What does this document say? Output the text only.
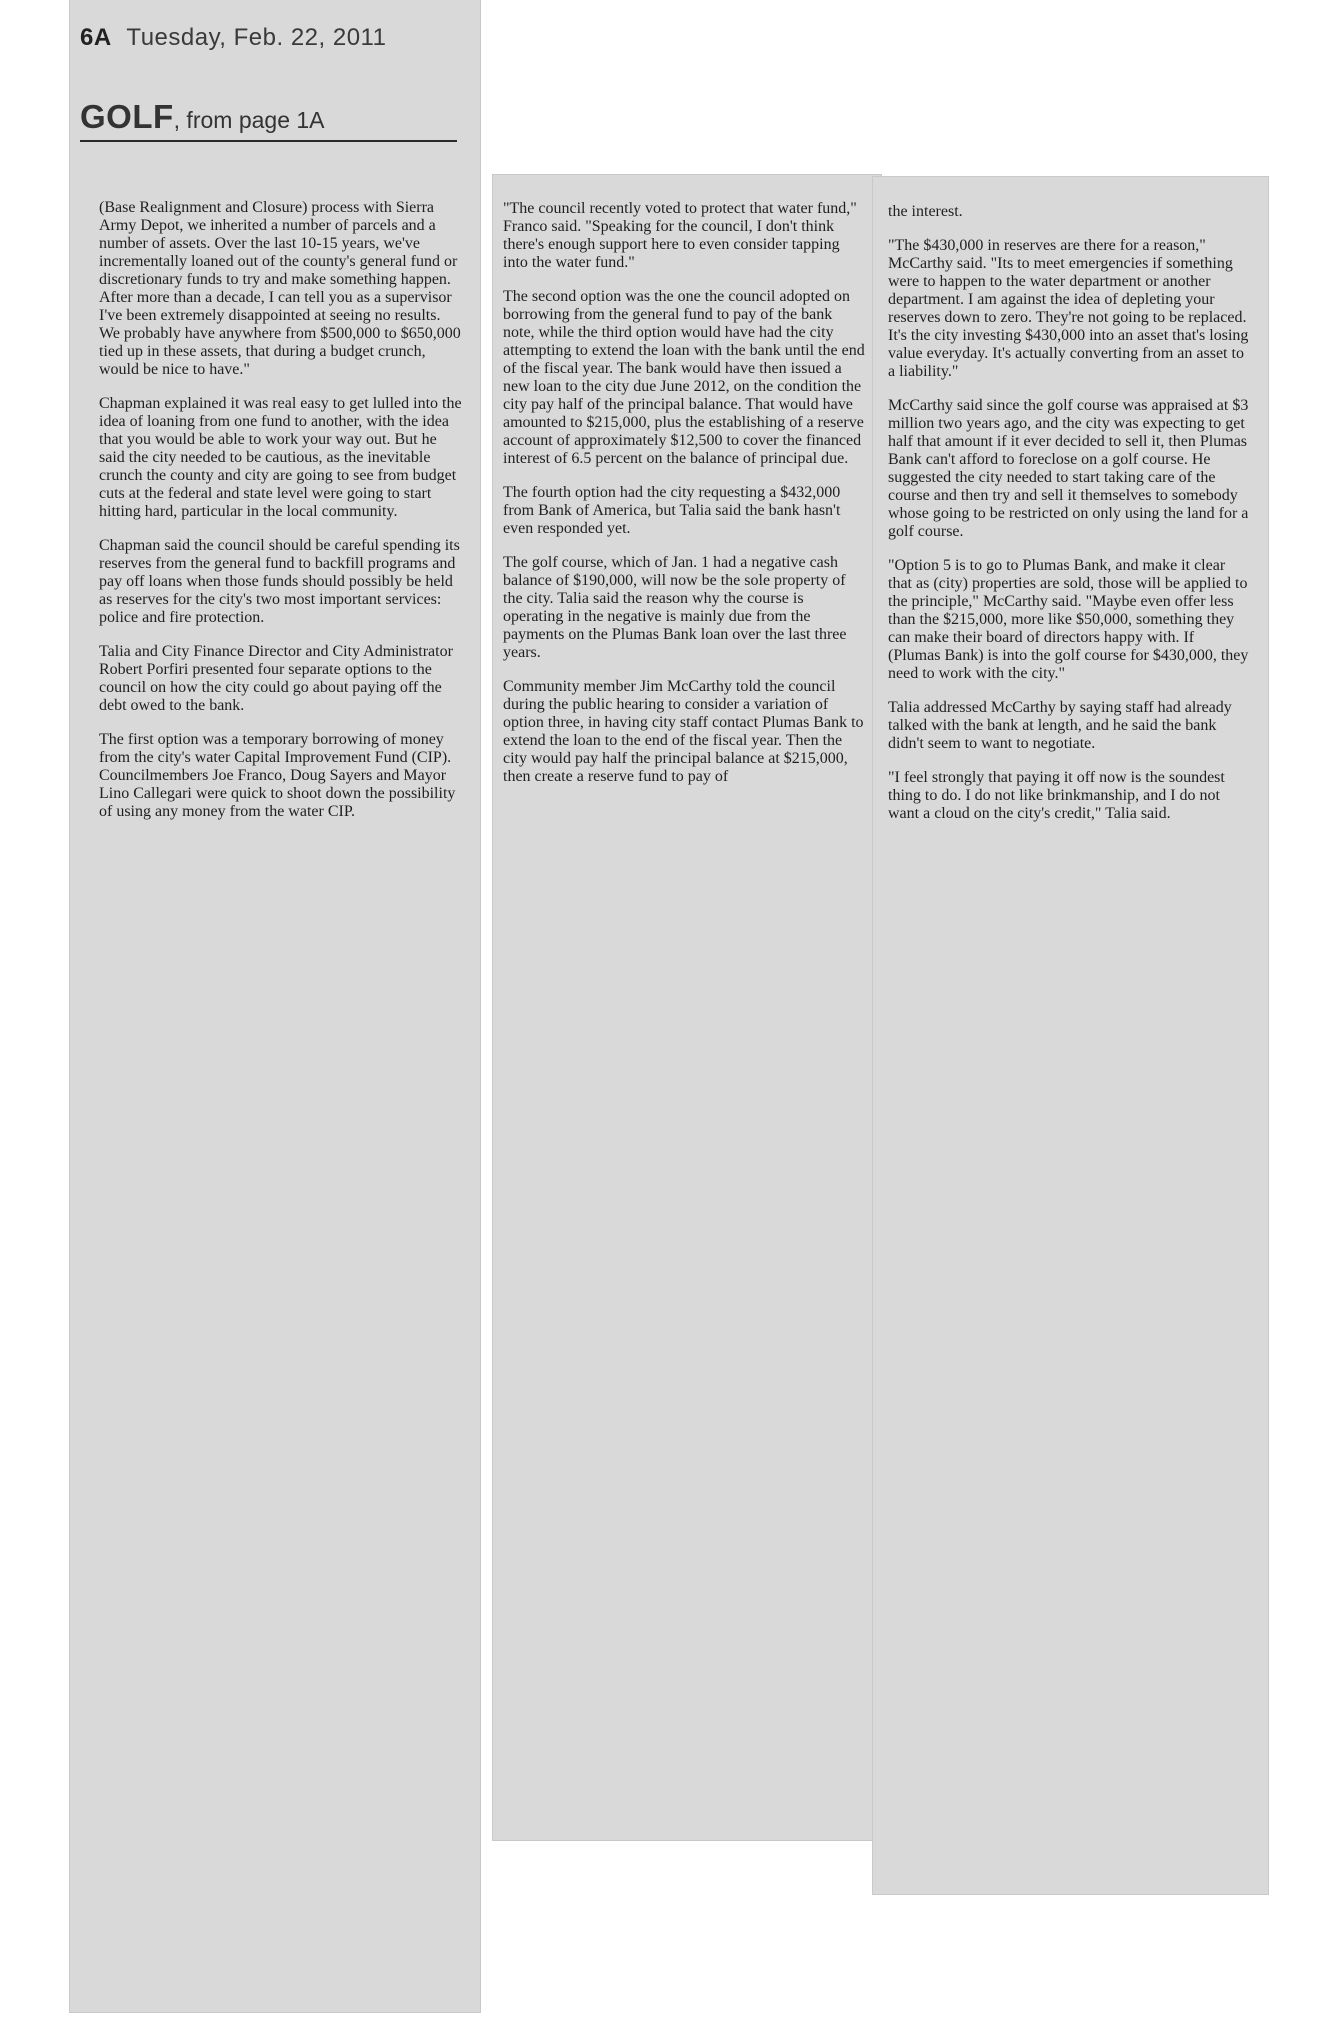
6A Tuesday, Feb. 22, 2011
GOLF, from page 1A

(Base Realignment and Closure) process with Sierra Army Depot, we inherited a number of parcels and a number of assets. Over the last 10-15 years, we've incrementally loaned out of the county's general fund or discretionary funds to try and make something happen. After more than a decade, I can tell you as a supervisor I've been extremely disappointed at seeing no results. We probably have anywhere from $500,000 to $650,000 tied up in these assets, that during a budget crunch, would be nice to have."

Chapman explained it was real easy to get lulled into the idea of loaning from one fund to another, with the idea that you would be able to work your way out. But he said the city needed to be cautious, as the inevitable crunch the county and city are going to see from budget cuts at the federal and state level were going to start hitting hard, particular in the local community.

Chapman said the council should be careful spending its reserves from the general fund to backfill programs and pay off loans when those funds should possibly be held as reserves for the city's two most important services: police and fire protection.

Talia and City Finance Director and City Administrator Robert Porfiri presented four separate options to the council on how the city could go about paying off the debt owed to the bank.

The first option was a temporary borrowing of money from the city's water Capital Improvement Fund (CIP). Councilmembers Joe Franco, Doug Sayers and Mayor Lino Callegari were quick to shoot down the possibility of using any money from the water CIP.

"The council recently voted to protect that water fund," Franco said. "Speaking for the council, I don't think there's enough support here to even consider tapping into the water fund."

The second option was the one the council adopted on borrowing from the general fund to pay of the bank note, while the third option would have had the city attempting to extend the loan with the bank until the end of the fiscal year. The bank would have then issued a new loan to the city due June 2012, on the condition the city pay half of the principal balance. That would have amounted to $215,000, plus the establishing of a reserve account of approximately $12,500 to cover the financed interest of 6.5 percent on the balance of principal due.

The fourth option had the city requesting a $432,000 from Bank of America, but Talia said the bank hasn't even responded yet.

The golf course, which of Jan. 1 had a negative cash balance of $190,000, will now be the sole property of the city. Talia said the reason why the course is operating in the negative is mainly due from the payments on the Plumas Bank loan over the last three years.

Community member Jim McCarthy told the council during the public hearing to consider a variation of option three, in having city staff contact Plumas Bank to extend the loan to the end of the fiscal year. Then the city would pay half the principal balance at $215,000, then create a reserve fund to pay of

the interest.

"The $430,000 in reserves are there for a reason," McCarthy said. "Its to meet emergencies if something were to happen to the water department or another department. I am against the idea of depleting your reserves down to zero. They're not going to be replaced. It's the city investing $430,000 into an asset that's losing value everyday. It's actually converting from an asset to a liability."

McCarthy said since the golf course was appraised at $3 million two years ago, and the city was expecting to get half that amount if it ever decided to sell it, then Plumas Bank can't afford to foreclose on a golf course. He suggested the city needed to start taking care of the course and then try and sell it themselves to somebody whose going to be restricted on only using the land for a golf course.

"Option 5 is to go to Plumas Bank, and make it clear that as (city) properties are sold, those will be applied to the principle," McCarthy said. "Maybe even offer less than the $215,000, more like $50,000, something they can make their board of directors happy with. If (Plumas Bank) is into the golf course for $430,000, they need to work with the city."

Talia addressed McCarthy by saying staff had already talked with the bank at length, and he said the bank didn't seem to want to negotiate.

"I feel strongly that paying it off now is the soundest thing to do. I do not like brinkmanship, and I do not want a cloud on the city's credit," Talia said.
